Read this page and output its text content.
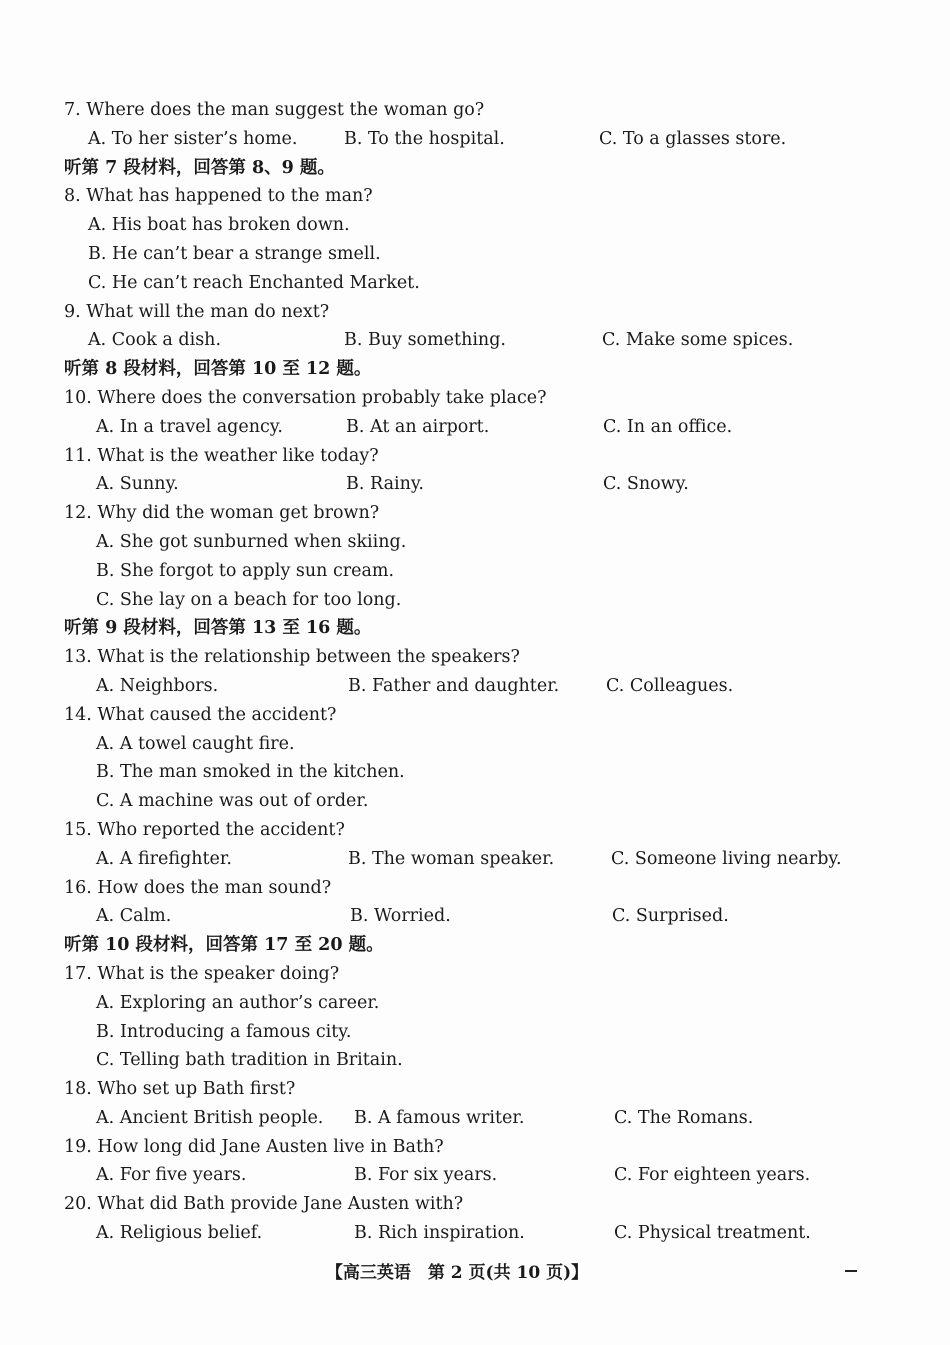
7. Where does the man suggest the woman go?
A. To her sister’s home.	B. To the hospital.	C. To a glasses store.
听第 7 段材料，回答第 8、9 题。
8. What has happened to the man?
A. His boat has broken down.
B. He can’t bear a strange smell.
C. He can’t reach Enchanted Market.
9. What will the man do next?
A. Cook a dish.	B. Buy something.	C. Make some spices.
听第 8 段材料，回答第 10 至 12 题。
10. Where does the conversation probably take place?
A. In a travel agency.	B. At an airport.	C. In an office.
11. What is the weather like today?
A. Sunny.	B. Rainy.	C. Snowy.
12. Why did the woman get brown?
A. She got sunburned when skiing.
B. She forgot to apply sun cream.
C. She lay on a beach for too long.
听第 9 段材料，回答第 13 至 16 题。
13. What is the relationship between the speakers?
A. Neighbors.	B. Father and daughter.	C. Colleagues.
14. What caused the accident?
A. A towel caught fire.
B. The man smoked in the kitchen.
C. A machine was out of order.
15. Who reported the accident?
A. A firefighter.	B. The woman speaker.	C. Someone living nearby.
16. How does the man sound?
A. Calm.	B. Worried.	C. Surprised.
听第 10 段材料，回答第 17 至 20 题。
17. What is the speaker doing?
A. Exploring an author’s career.
B. Introducing a famous city.
C. Telling bath tradition in Britain.
18. Who set up Bath first?
A. Ancient British people. B. A famous writer.	C. The Romans.
19. How long did Jane Austen live in Bath?
A. For five years.	B. For six years.	C. For eighteen years.
20. What did Bath provide Jane Austen with?
A. Religious belief.	B. Rich inspiration.	C. Physical treatment.
【高三英语　第 2 页(共 10 页)】
